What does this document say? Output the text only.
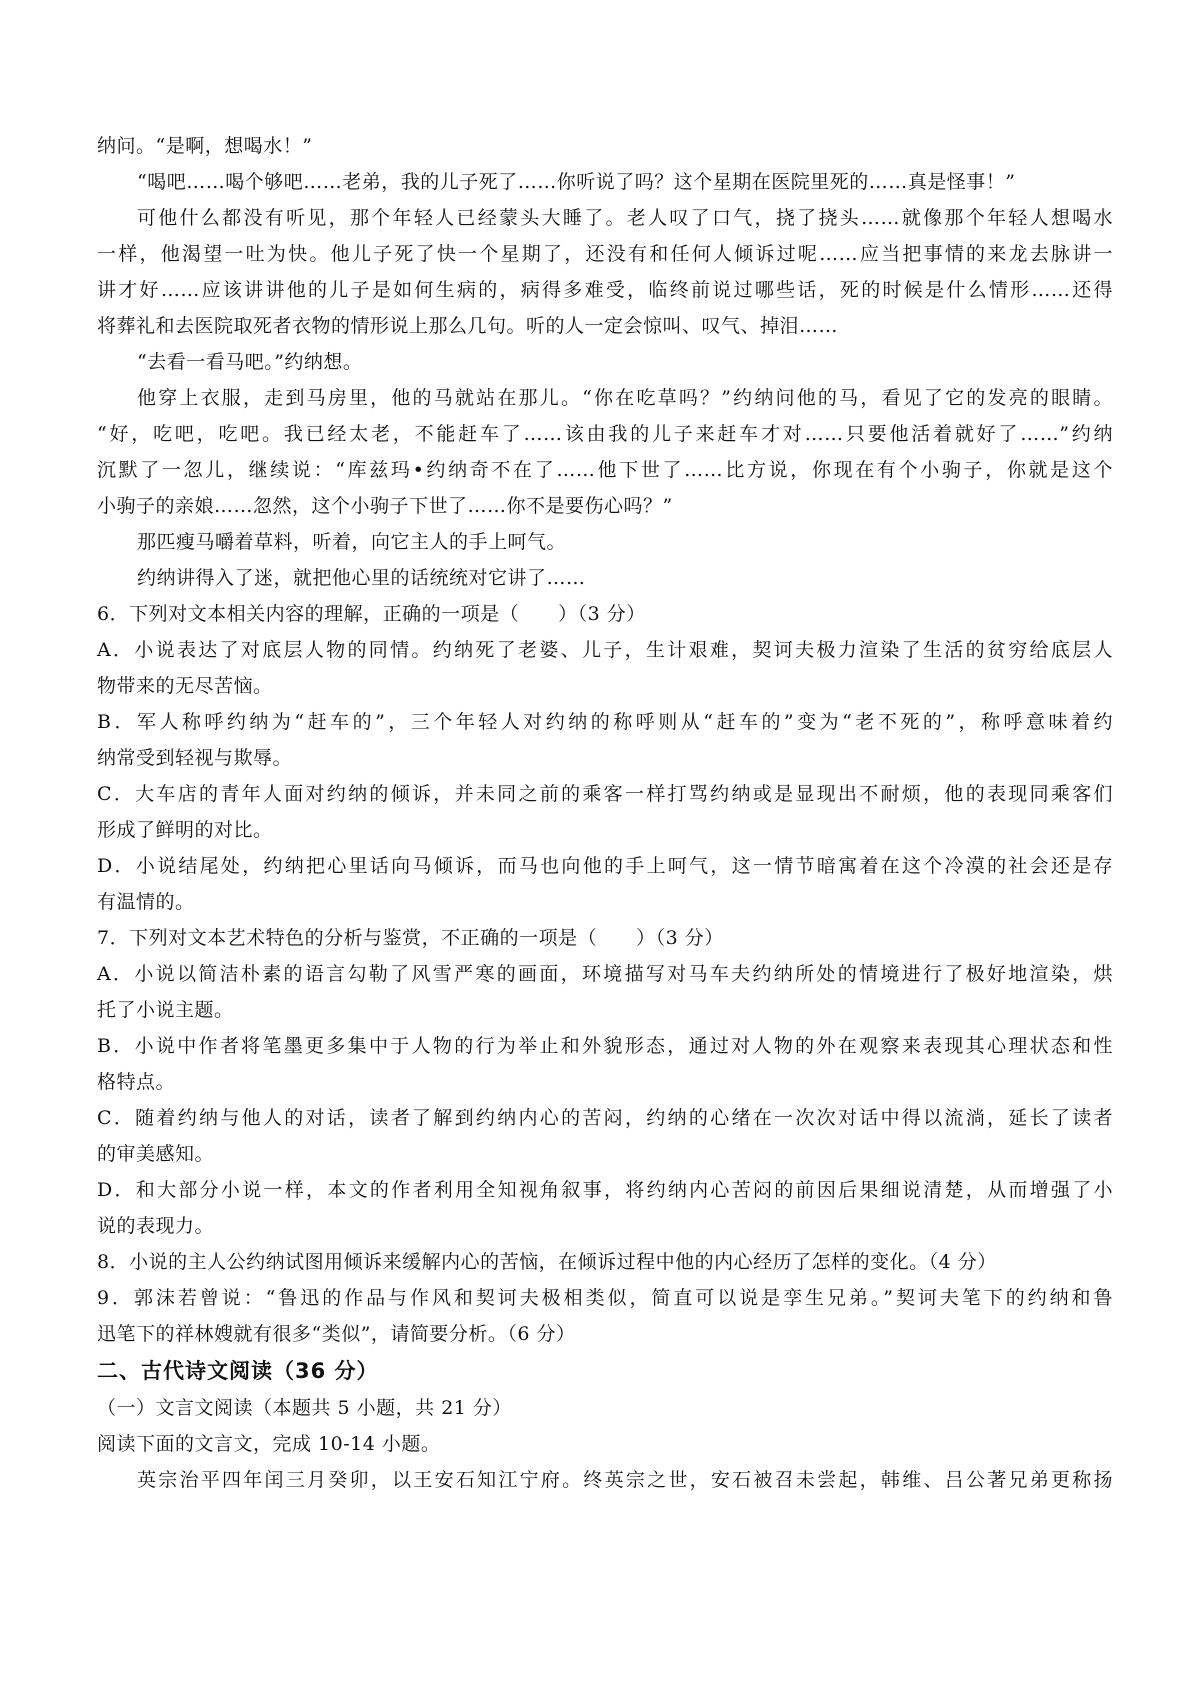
纳问。“是啊，想喝水！”
“喝吧……喝个够吧……老弟，我的儿子死了……你听说了吗？这个星期在医院里死的……真是怪事！”
可他什么都没有听见，那个年轻人已经蒙头大睡了。老人叹了口气，挠了挠头……就像那个年轻人想喝水
一样，他渴望一吐为快。他儿子死了快一个星期了，还没有和任何人倾诉过呢……应当把事情的来龙去脉讲一
讲才好……应该讲讲他的儿子是如何生病的，病得多难受，临终前说过哪些话，死的时候是什么情形……还得
将葬礼和去医院取死者衣物的情形说上那么几句。听的人一定会惊叫、叹气、掉泪……
“去看一看马吧。”约纳想。
他穿上衣服，走到马房里，他的马就站在那儿。“你在吃草吗？”约纳问他的马，看见了它的发亮的眼睛。
“好，吃吧，吃吧。我已经太老，不能赶车了……该由我的儿子来赶车才对……只要他活着就好了……”约纳
沉默了一忽儿，继续说：“库兹玛•约纳奇不在了……他下世了……比方说，你现在有个小驹子，你就是这个
小驹子的亲娘……忽然，这个小驹子下世了……你不是要伤心吗？”
那匹瘦马嚼着草料，听着，向它主人的手上呵气。
约纳讲得入了迷，就把他心里的话统统对它讲了……
6．下列对文本相关内容的理解，正确的一项是（　　）（3 分）
A．小说表达了对底层人物的同情。约纳死了老婆、儿子，生计艰难，契诃夫极力渲染了生活的贫穷给底层人
物带来的无尽苦恼。
B．军人称呼约纳为“赶车的”，三个年轻人对约纳的称呼则从“赶车的”变为“老不死的”，称呼意味着约
纳常受到轻视与欺辱。
C．大车店的青年人面对约纳的倾诉，并未同之前的乘客一样打骂约纳或是显现出不耐烦，他的表现同乘客们
形成了鲜明的对比。
D．小说结尾处，约纳把心里话向马倾诉，而马也向他的手上呵气，这一情节暗寓着在这个冷漠的社会还是存
有温情的。
7．下列对文本艺术特色的分析与鉴赏，不正确的一项是（　　）（3 分）
A．小说以简洁朴素的语言勾勒了风雪严寒的画面，环境描写对马车夫约纳所处的情境进行了极好地渲染，烘
托了小说主题。
B．小说中作者将笔墨更多集中于人物的行为举止和外貌形态，通过对人物的外在观察来表现其心理状态和性
格特点。
C．随着约纳与他人的对话，读者了解到约纳内心的苦闷，约纳的心绪在一次次对话中得以流淌，延长了读者
的审美感知。
D．和大部分小说一样，本文的作者利用全知视角叙事，将约纳内心苦闷的前因后果细说清楚，从而增强了小
说的表现力。
8．小说的主人公约纳试图用倾诉来缓解内心的苦恼，在倾诉过程中他的内心经历了怎样的变化。（4 分）
9．郭沫若曾说：“鲁迅的作品与作风和契诃夫极相类似，简直可以说是孪生兄弟。”契诃夫笔下的约纳和鲁
迅笔下的祥林嫂就有很多“类似”，请简要分析。（6 分）
二、古代诗文阅读（36 分）
（一）文言文阅读（本题共 5 小题，共 21 分）
阅读下面的文言文，完成 10-14 小题。
英宗治平四年闰三月癸卯，以王安石知江宁府。终英宗之世，安石被召未尝起，韩维、吕公著兄弟更称扬
